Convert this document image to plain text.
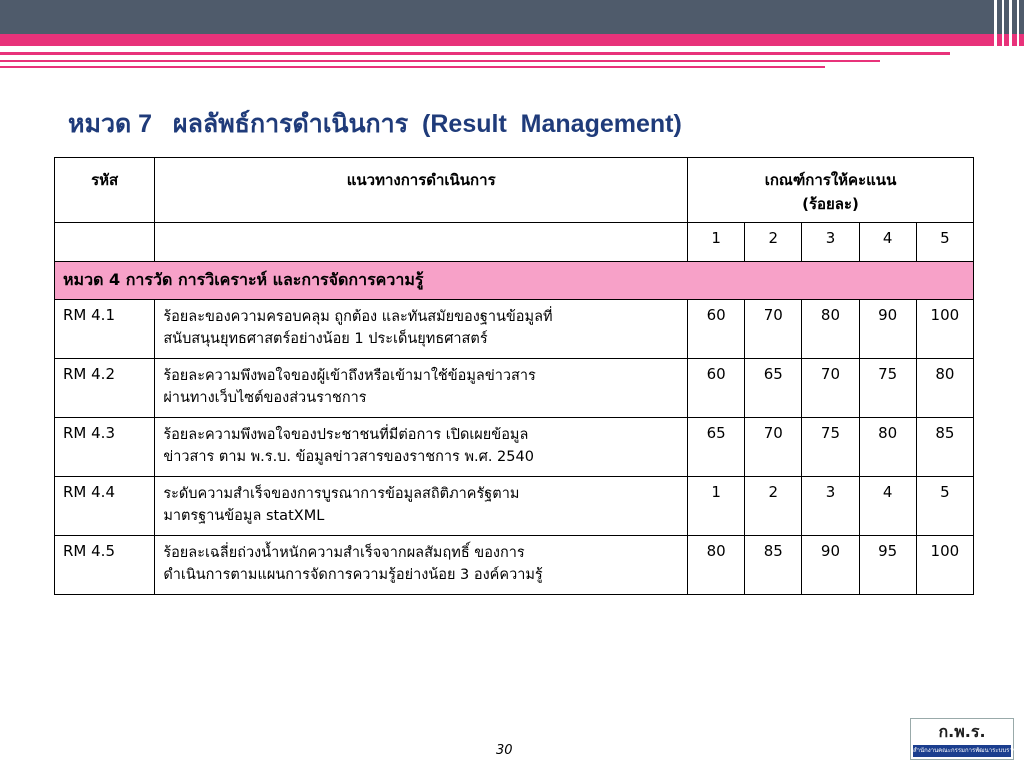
หมวด 7   ผลลัพธ์การดำเนินการ  (Result  Management)
รหัส	แนวทางการดำเนินการ	เกณฑ์การให้คะแนน
(ร้อยละ)				

		1	2	3	4	5
หมวด 4 การวัด การวิเคราะห์ และการจัดการความรู้						
RM 4.1	ร้อยละของความครอบคลุม ถูกต้อง และทันสมัยของฐานข้อมูลที่
สนับสนุนยุทธศาสตร์อย่างน้อย 1 ประเด็นยุทธศาสตร์	60	70	80	90	100
RM 4.2	ร้อยละความพึงพอใจของผู้เข้าถึงหรือเข้ามาใช้ข้อมูลข่าวสาร
ผ่านทางเว็บไซต์ของส่วนราชการ	60	65	70	75	80
RM 4.3	ร้อยละความพึงพอใจของประชาชนที่มีต่อการ เปิดเผยข้อมูล
ข่าวสาร ตาม พ.ร.บ. ข้อมูลข่าวสารของราชการ พ.ศ. 2540	65	70	75	80	85
RM 4.4	ระดับความสำเร็จของการบูรณาการข้อมูลสถิติภาครัฐตาม
มาตรฐานข้อมูล statXML	1	2	3	4	5
RM 4.5	ร้อยละเฉลี่ยถ่วงน้ำหนักความสำเร็จจากผลสัมฤทธิ์ ของการ
ดำเนินการตามแผนการจัดการความรู้อย่างน้อย 3 องค์ความรู้	80	85	90	95	100
30
ก.พ.ร.
สำนักงานคณะกรรมการพัฒนาระบบราชการ
